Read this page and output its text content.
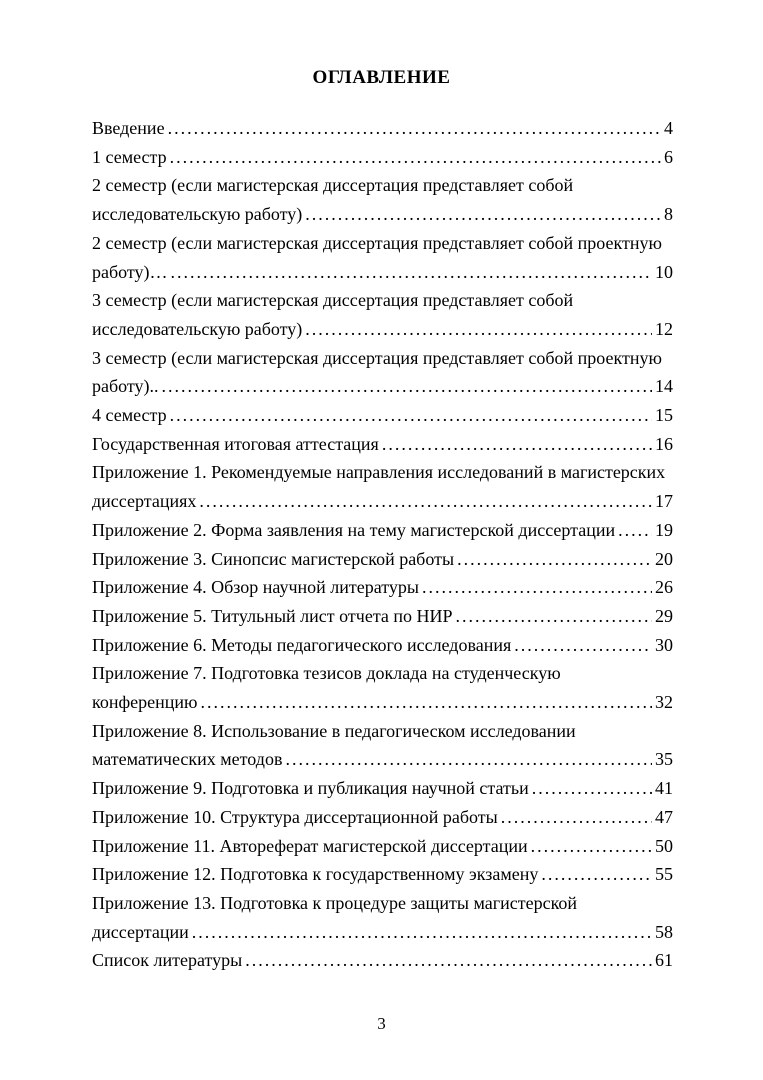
ОГЛАВЛЕНИЕ
Введение .....	4
1 семестр .....	6
2 семестр (если магистерская диссертация представляет собой
исследовательскую работу) .....	8
2 семестр (если магистерская диссертация представляет собой проектную
работу)… .....	10
3 семестр (если магистерская диссертация представляет собой
исследовательскую работу) .....	12
3 семестр (если магистерская диссертация представляет собой проектную
работу).. .....	14
4 семестр .....	15
Государственная итоговая аттестация .....	16
Приложение 1. Рекомендуемые направления исследований в магистерских
диссертациях .....	17
Приложение 2. Форма заявления на тему магистерской диссертации ..... 19
Приложение 3. Синопсис магистерской работы .....	20
Приложение 4. Обзор научной литературы .....	26
Приложение 5. Титульный лист отчета по НИР .....	29
Приложение 6. Методы педагогического исследования .....	30
Приложение 7. Подготовка тезисов доклада на студенческую
конференцию .....	32
Приложение 8. Использование в педагогическом исследовании
математических методов .....	35
Приложение 9. Подготовка и публикация научной статьи .....	41
Приложение 10. Структура диссертационной работы .....	47
Приложение 11. Автореферат магистерской диссертации .....	50
Приложение 12. Подготовка к государственному экзамену .....	55
Приложение 13. Подготовка к процедуре защиты магистерской
диссертации .....	58
Список литературы .....	61
3
